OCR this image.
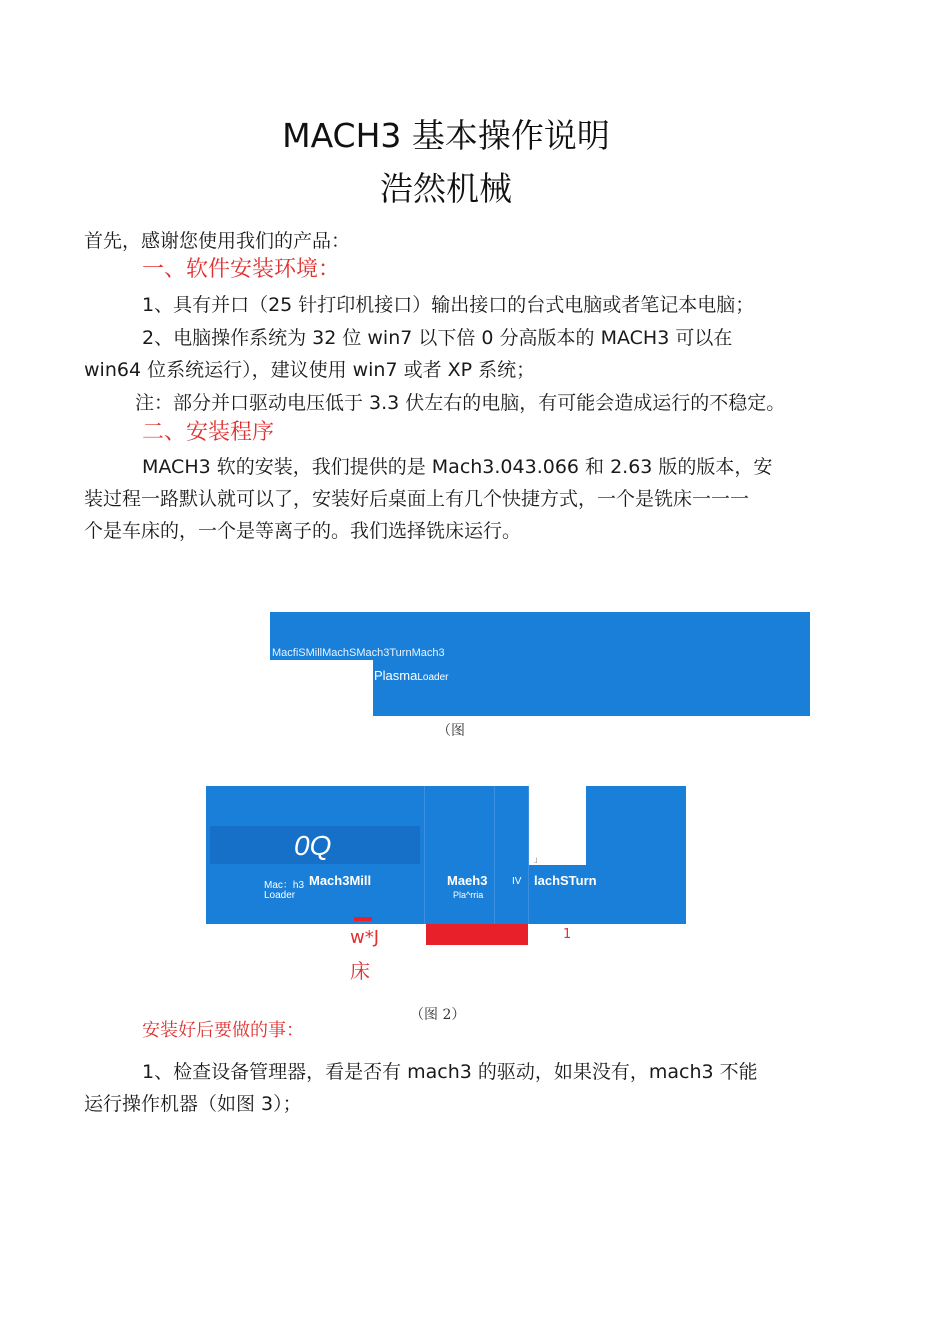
MACH3 基本操作说明
浩然机械
首先，感谢您使用我们的产品：
一、软件安装环境：
1、具有并口（25 针打印机接口）输出接口的台式电脑或者笔记本电脑；
2、电脑操作系统为 32 位 win7 以下倍 0 分高版本的 MACH3 可以在
win64 位系统运行），建议使用 win7 或者 XP 系统；
注：部分并口驱动电压低于 3.3 伏左右的电脑，有可能会造成运行的不稳定。
二、安装程序
MACH3 软的安装，我们提供的是 Mach3.043.066 和 2.63 版的版本，安
装过程一路默认就可以了，安装好后桌面上有几个快捷方式，一个是铣床一一一
个是车床的，一个是等离子的。我们选择铣床运行。
MacfiSMillMachSMach3TurnMach3
PlasmaLoader
（图
0Q
Mac：h3 Mach3Mill
Loader
Maeh3
Pla^rria
IV lachSTurn
」
w*J
床
1
（图 2）
安装好后要做的事：
1、检查设备管理器，看是否有 mach3 的驱动，如果没有，mach3 不能
运行操作机器（如图 3）；
